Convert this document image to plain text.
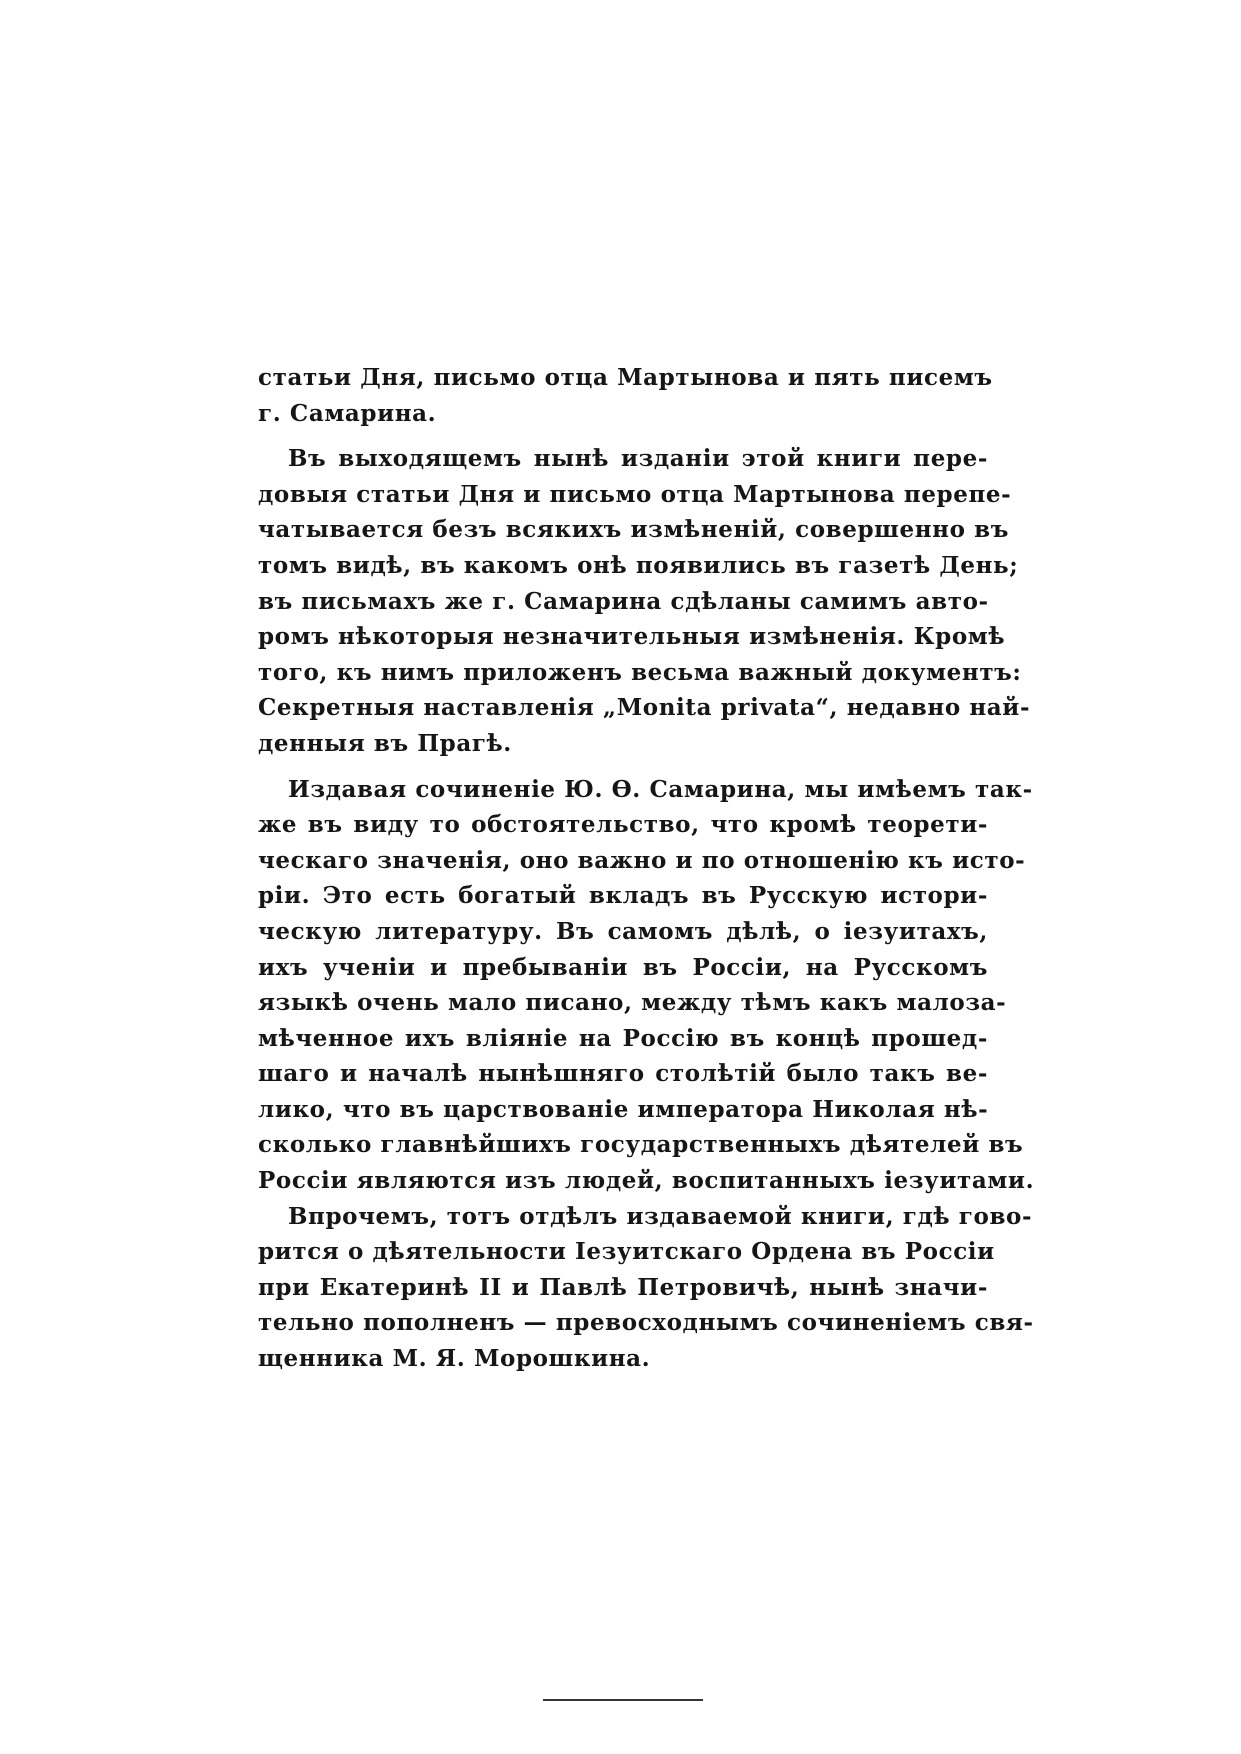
статьи Дня, письмо отца Мартынова и пять писемъ
г. Самарина.
Въ выходящемъ нынѣ изданіи этой книги пере-
довыя статьи Дня и письмо отца Мартынова перепе-
чатывается безъ всякихъ измѣненій, совершенно въ
томъ видѣ, въ какомъ онѣ появились въ газетѣ День;
въ письмахъ же г. Самарина сдѣланы самимъ авто-
ромъ нѣкоторыя незначительныя измѣненія. Кромѣ
того, къ нимъ приложенъ весьма важный документъ:
Секретныя наставленія „Monita privata“, недавно най-
денныя въ Прагѣ.
Издавая сочиненіе Ю. Ѳ. Самарина, мы имѣемъ так-
же въ виду то обстоятельство, что кромѣ теорети-
ческаго значенія, оно важно и по отношенію къ исто-
ріи. Это есть богатый вкладъ въ Русскую истори-
ческую литературу. Въ самомъ дѣлѣ, о іезуитахъ,
ихъ ученіи и пребываніи въ Россіи, на Русскомъ
языкѣ очень мало писано, между тѣмъ какъ малоза-
мѣченное ихъ вліяніе на Россію въ концѣ прошед-
шаго и началѣ нынѣшняго столѣтій было такъ ве-
лико, что въ царствованіе императора Николая нѣ-
сколько главнѣйшихъ государственныхъ дѣятелей въ
Россіи являются изъ людей, воспитанныхъ іезуитами.
Впрочемъ, тотъ отдѣлъ издаваемой книги, гдѣ гово-
рится о дѣятельности Іезуитскаго Ордена въ Россіи
при Екатеринѣ II и Павлѣ Петровичѣ, нынѣ значи-
тельно пополненъ — превосходнымъ сочиненіемъ свя-
щенника М. Я. Морошкина.
